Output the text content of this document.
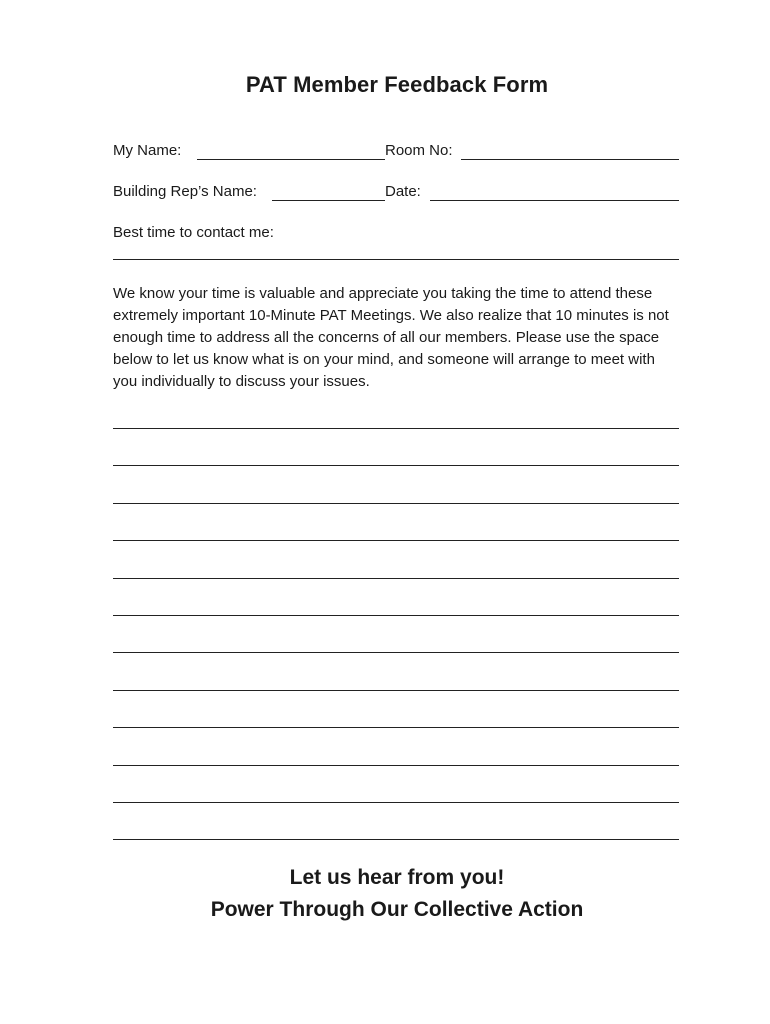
PAT Member Feedback Form
My Name:	Room No:
Building Rep’s Name:	Date:
Best time to contact me:

We know your time is valuable and appreciate you taking the time to attend these extremely important 10-Minute PAT Meetings. We also realize that 10 minutes is not enough time to address all the concerns of all our members. Please use the space below to let us know what is on your mind, and someone will arrange to meet with you individually to discuss your issues.

Let us hear from you!
Power Through Our Collective Action
